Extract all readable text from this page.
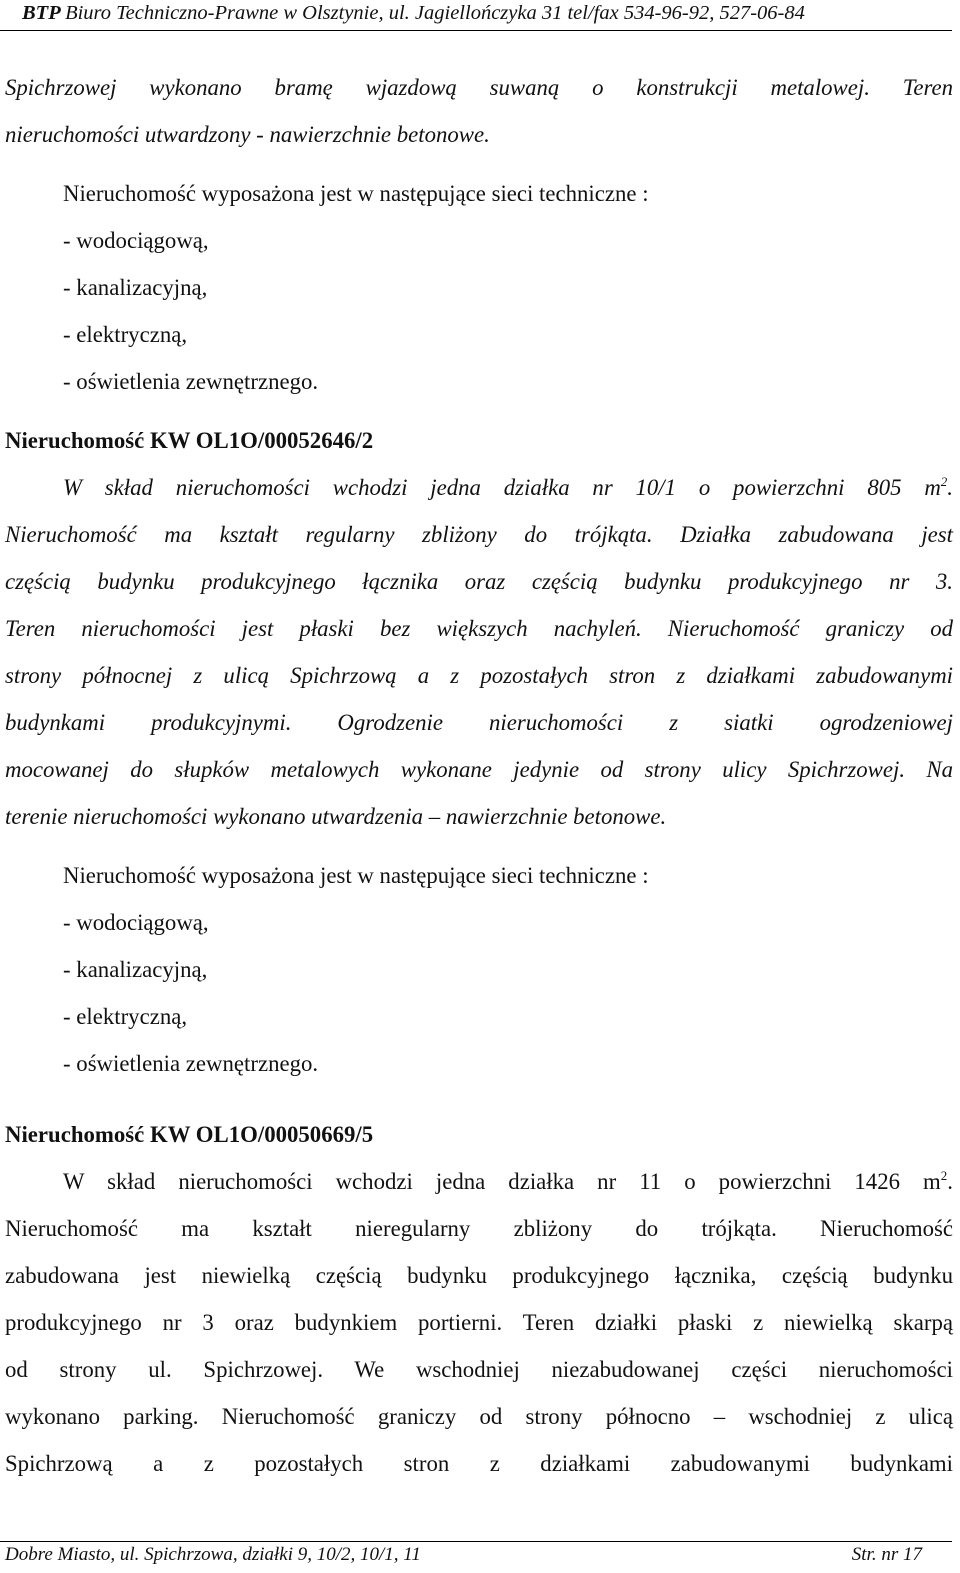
BTP Biuro Techniczno-Prawne w Olsztynie, ul. Jagiellończyka 31 tel/fax 534-96-92, 527-06-84
Spichrzowej wykonano bramę wjazdową suwaną o konstrukcji metalowej. Teren
nieruchomości utwardzony - nawierzchnie betonowe.
Nieruchomość wyposażona jest w następujące sieci techniczne :
- wodociągową,
- kanalizacyjną,
- elektryczną,
- oświetlenia zewnętrznego.
Nieruchomość KW OL1O/00052646/2
W skład nieruchomości wchodzi jedna działka nr 10/1 o powierzchni 805 $m^2$.
Nieruchomość ma kształt regularny zbliżony do trójkąta. Działka zabudowana jest
częścią budynku produkcyjnego łącznika oraz częścią budynku produkcyjnego nr 3.
Teren nieruchomości jest płaski bez większych nachyleń. Nieruchomość graniczy od
strony północnej z ulicą Spichrzową a z pozostałych stron z działkami zabudowanymi
budynkami produkcyjnymi. Ogrodzenie nieruchomości z siatki ogrodzeniowej
mocowanej do słupków metalowych wykonane jedynie od strony ulicy Spichrzowej. Na
terenie nieruchomości wykonano utwardzenia – nawierzchnie betonowe.
Nieruchomość wyposażona jest w następujące sieci techniczne :
- wodociągową,
- kanalizacyjną,
- elektryczną,
- oświetlenia zewnętrznego.
Nieruchomość KW OL1O/00050669/5
W skład nieruchomości wchodzi jedna działka nr 11 o powierzchni 1426 $m^2$.
Nieruchomość ma kształt nieregularny zbliżony do trójkąta. Nieruchomość
zabudowana jest niewielką częścią budynku produkcyjnego łącznika, częścią budynku
produkcyjnego nr 3 oraz budynkiem portierni. Teren działki płaski z niewielką skarpą
od strony ul. Spichrzowej. We wschodniej niezabudowanej części nieruchomości
wykonano parking. Nieruchomość graniczy od strony północno – wschodniej z ulicą
Spichrzową a z pozostałych stron z działkami zabudowanymi budynkami
Dobre Miasto, ul. Spichrzowa, działki 9, 10/2, 10/1, 11	Str. nr 17
